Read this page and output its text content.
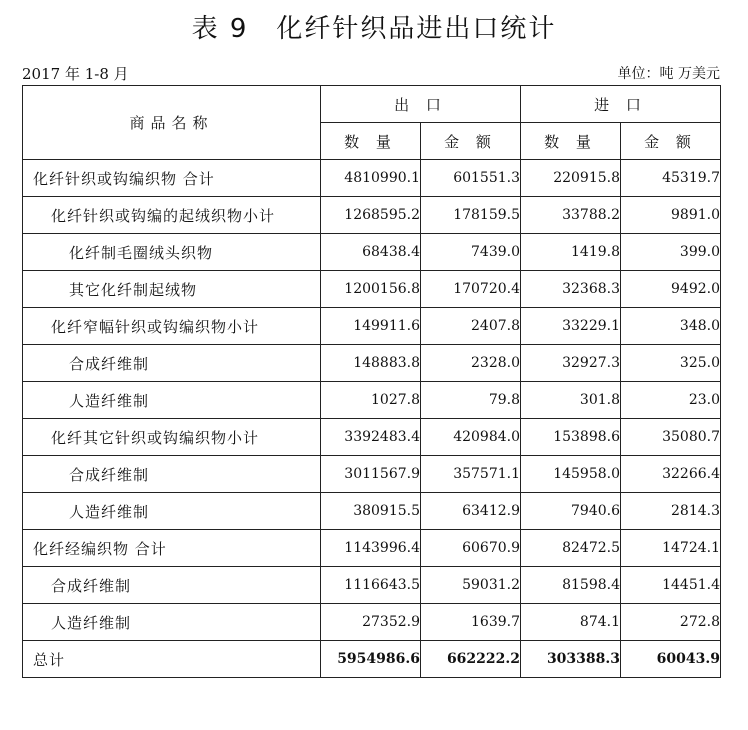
表 9 化纤针织品进出口统计
2017 年 1-8 月	单位：吨 万美元
商品名称	出 口		进 口	
	数 量	金 额	数 量	金 额
化纤针织或钩编织物 合计	4810990.1	601551.3	220915.8	45319.7
化纤针织或钩编的起绒织物小计	1268595.2	178159.5	33788.2	9891.0
化纤制毛圈绒头织物	68438.4	7439.0	1419.8	399.0
其它化纤制起绒物	1200156.8	170720.4	32368.3	9492.0
化纤窄幅针织或钩编织物小计	149911.6	2407.8	33229.1	348.0
合成纤维制	148883.8	2328.0	32927.3	325.0
人造纤维制	1027.8	79.8	301.8	23.0
化纤其它针织或钩编织物小计	3392483.4	420984.0	153898.6	35080.7
合成纤维制	3011567.9	357571.1	145958.0	32266.4
人造纤维制	380915.5	63412.9	7940.6	2814.3
化纤经编织物 合计	1143996.4	60670.9	82472.5	14724.1
合成纤维制	1116643.5	59031.2	81598.4	14451.4
人造纤维制	27352.9	1639.7	874.1	272.8
总计	5954986.6	662222.2	303388.3	60043.9
